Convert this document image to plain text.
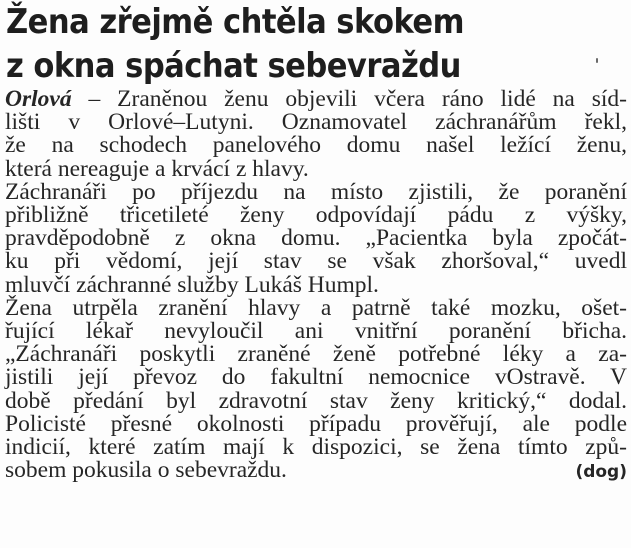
Žena zřejmě chtěla skokem
z okna spáchat sebevraždu
Orlová – Zraněnou ženu objevili včera ráno lidé na síd-
lišti v Orlové–Lutyni. Oznamovatel záchranářům řekl,
že na schodech panelového domu našel ležící ženu,
která nereaguje a krvácí z hlavy.
Záchranáři po příjezdu na místo zjistili, že poranění
přibližně třicetileté ženy odpovídají pádu z výšky,
pravděpodobně z okna domu. „Pacientka byla zpočát-
ku při vědomí, její stav se však zhoršoval,“ uvedl
mluvčí záchranné služby Lukáš Humpl.
Žena utrpěla zranění hlavy a patrně také mozku, ošet-
řující lékař nevyloučil ani vnitřní poranění břicha.
„Záchranáři poskytli zraněné ženě potřebné léky a za-
jistili její převoz do fakultní nemocnice vOstravě. V
době předání byl zdravotní stav ženy kritický,“ dodal.
Policisté přesné okolnosti případu prověřují, ale podle
indicií, které zatím mají k dispozici, se žena tímto způ-
sobem pokusila o sebevraždu.	(dog)
